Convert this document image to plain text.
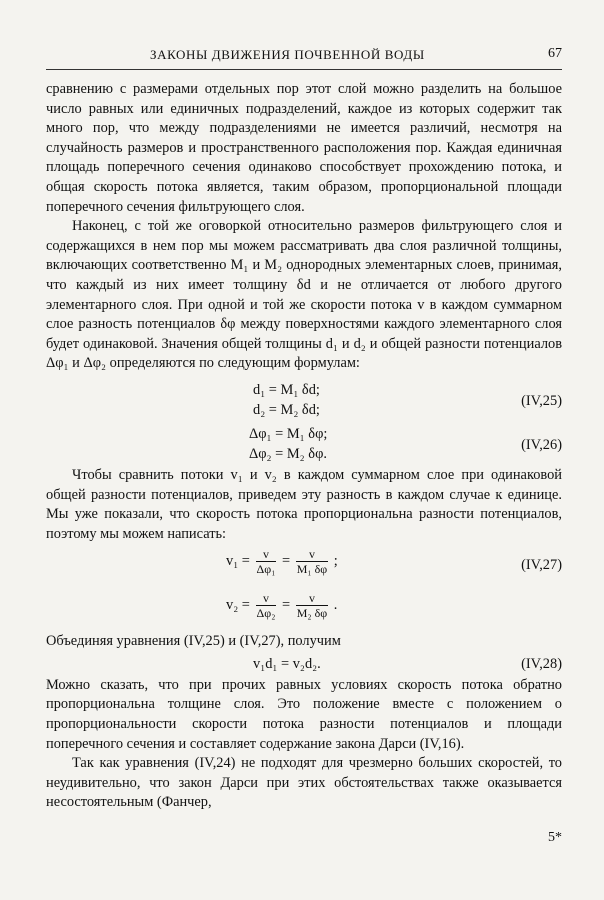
ЗАКОНЫ ДВИЖЕНИЯ ПОЧВЕННОЙ ВОДЫ	67

сравнению с размерами отдельных пор этот слой можно разделить на большое число равных или единичных подразделений, каждое из которых содержит так много пор, что между подразделениями не имеется различий, несмотря на случайность размеров и пространственного расположения пор. Каждая единичная площадь поперечного сечения одинаково способствует прохождению потока, и общая скорость потока является, таким образом, пропорциональной площади поперечного сечения фильтрующего слоя.

Наконец, с той же оговоркой относительно размеров фильтрующего слоя и содержащихся в нем пор мы можем рассматривать два слоя различной толщины, включающих соответственно M₁ и M₂ однородных элементарных слоев, принимая, что каждый из них имеет толщину δd и не отличается от любого другого элементарного слоя. При одной и той же скорости потока v в каждом суммарном слое разность потенциалов δφ между поверхностями каждого элементарного слоя будет одинаковой. Значения общей толщины d₁ и d₂ и общей разности потенциалов Δφ₁ и Δφ₂ определяются по следующим формулам:

d₁ = M₁ δd;
d₂ = M₂ δd;
(IV,25)
Δφ₁ = M₁ δφ;
Δφ₂ = M₂ δφ.
(IV,26)

Чтобы сравнить потоки v₁ и v₂ в каждом суммарном слое при одинаковой общей разности потенциалов, приведем эту разность в каждом случае к единице. Мы уже показали, что скорость потока пропорциональна разности потенциалов, поэтому мы можем написать:

$v_1 = \frac{v}{\text{Δφ₁}} = \frac{v}{\text{M₁ δφ}}$ ;	(IV,27)
$v_2 = \frac{v}{\text{Δφ₂}} = \frac{v}{\text{M₂ δφ}}$ .

Объединяя уравнения (IV,25) и (IV,27), получим

v₁d₁ = v₂d₂.	(IV,28)

Можно сказать, что при прочих равных условиях скорость потока обратно пропорциональна толщине слоя. Это положение вместе с положением о пропорциональности скорости потока разности потенциалов и площади поперечного сечения и составляет содержание закона Дарси (IV,16).

Так как уравнения (IV,24) не подходят для чрезмерно больших скоростей, то неудивительно, что закон Дарси при этих обстоятельствах также оказывается несостоятельным (Фанчер,

5*
